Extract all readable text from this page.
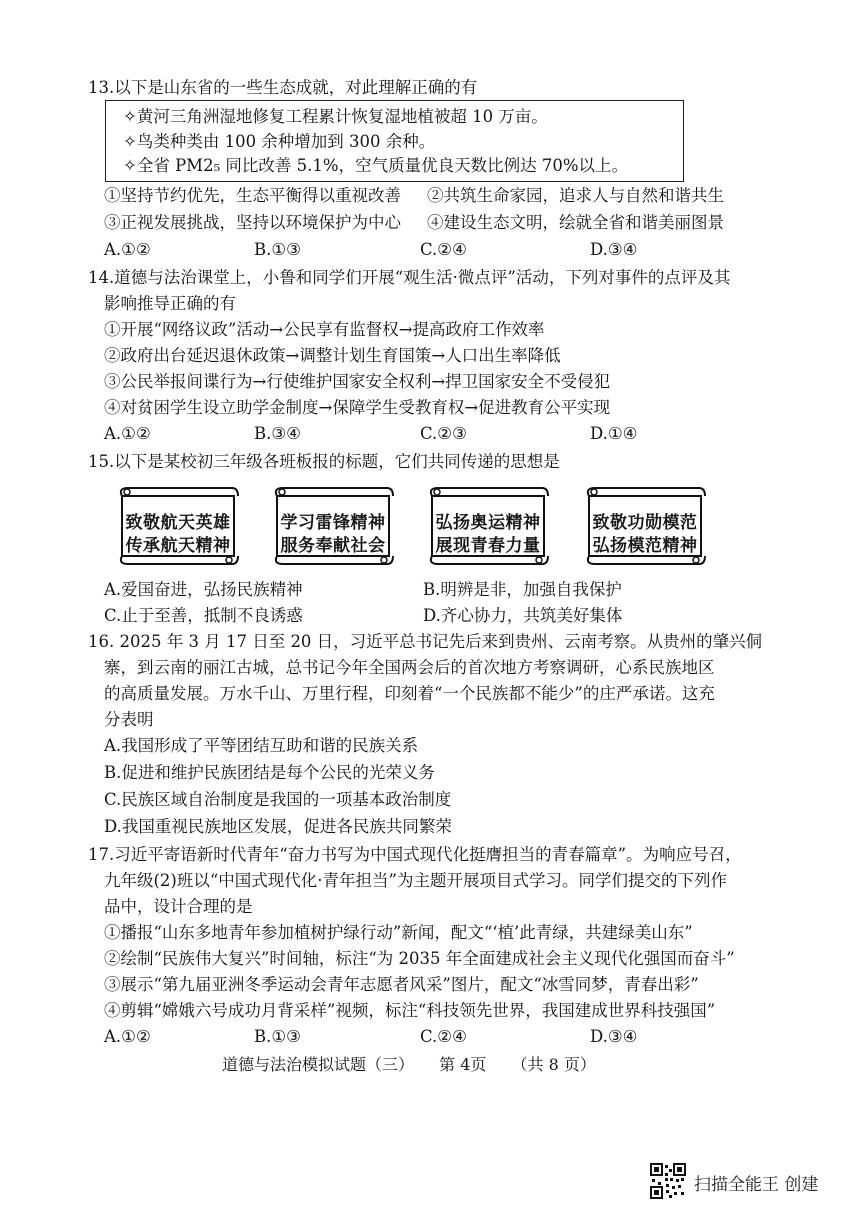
13.以下是山东省的一些生态成就，对此理解正确的有
✧黄河三角洲湿地修复工程累计恢复湿地植被超 10 万亩。
✧鸟类种类由 100 余种增加到 300 余种。
✧全省 PM2₅ 同比改善 5.1%，空气质量优良天数比例达 70%以上。
①坚持节约优先，生态平衡得以重视改善 ②共筑生命家园，追求人与自然和谐共生
③正视发展挑战，坚持以环境保护为中心 ④建设生态文明，绘就全省和谐美丽图景
A.①②	B.①③	C.②④	D.③④
14.道德与法治课堂上，小鲁和同学们开展“观生活·微点评”活动，下列对事件的点评及其
影响推导正确的有
①开展“网络议政”活动→公民享有监督权→提高政府工作效率
②政府出台延迟退休政策→调整计划生育国策→人口出生率降低
③公民举报间谍行为→行使维护国家安全权利→捍卫国家安全不受侵犯
④对贫困学生设立助学金制度→保障学生受教育权→促进教育公平实现
A.①②	B.③④	C.②③	D.①④
15.以下是某校初三年级各班板报的标题，它们共同传递的思想是
致敬航天英雄
传承航天精神
学习雷锋精神
服务奉献社会
弘扬奥运精神
展现青春力量
致敬功勋模范
弘扬模范精神
A.爱国奋进，弘扬民族精神	B.明辨是非，加强自我保护
C.止于至善，抵制不良诱惑	D.齐心协力，共筑美好集体
16. 2025 年 3 月 17 日至 20 日，习近平总书记先后来到贵州、云南考察。从贵州的肇兴侗
寨，到云南的丽江古城，总书记今年全国两会后的首次地方考察调研，心系民族地区
的高质量发展。万水千山、万里行程，印刻着“一个民族都不能少”的庄严承诺。这充
分表明
A.我国形成了平等团结互助和谐的民族关系
B.促进和维护民族团结是每个公民的光荣义务
C.民族区域自治制度是我国的一项基本政治制度
D.我国重视民族地区发展，促进各民族共同繁荣
17.习近平寄语新时代青年“奋力书写为中国式现代化挺膺担当的青春篇章”。为响应号召，
九年级(2)班以“中国式现代化·青年担当”为主题开展项目式学习。同学们提交的下列作
品中，设计合理的是
①播报“山东多地青年参加植树护绿行动”新闻，配文“‘植’此青绿，共建绿美山东”
②绘制“民族伟大复兴”时间轴，标注“为 2035 年全面建成社会主义现代化强国而奋斗”
③展示“第九届亚洲冬季运动会青年志愿者风采”图片，配文“冰雪同梦，青春出彩”
④剪辑“嫦娥六号成功月背采样”视频，标注“科技领先世界，我国建成世界科技强国”
A.①②	B.①③	C.②④	D.③④
道德与法治模拟试题（三） 第 4页 （共 8 页）
扫描全能王 创建
